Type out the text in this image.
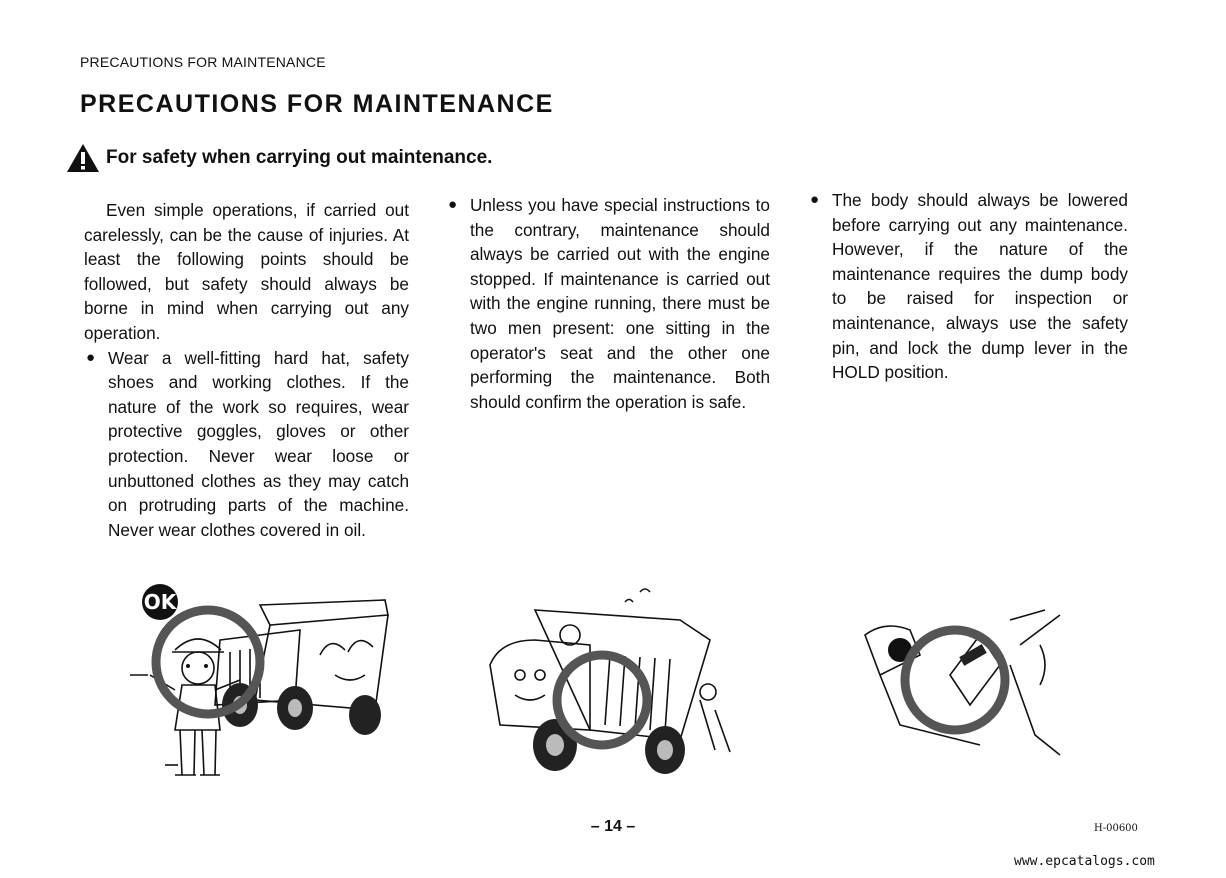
PRECAUTIONS FOR MAINTENANCE
PRECAUTIONS FOR MAINTENANCE
For safety when carrying out maintenance.

Even simple operations, if carried out carelessly, can be the cause of injuries. At least the following points should be followed, but safety should always be borne in mind when carrying out any operation.

● Wear a well-fitting hard hat, safety shoes and working clothes. If the nature of the work so requires, wear protective goggles, gloves or other protection. Never wear loose or unbuttoned clothes as they may catch on protruding parts of the machine. Never wear clothes covered in oil.

● Unless you have special instructions to the contrary, maintenance should always be carried out with the engine stopped. If maintenance is carried out with the engine running, there must be two men present: one sitting in the operator's seat and the other one performing the maintenance. Both should confirm the operation is safe.

● The body should always be lowered before carrying out any maintenance. However, if the nature of the maintenance requires the dump body to be raised for inspection or maintenance, always use the safety pin, and lock the dump lever in the HOLD position.

OK
– 14 –	H-00600
www.epcatalogs.com
